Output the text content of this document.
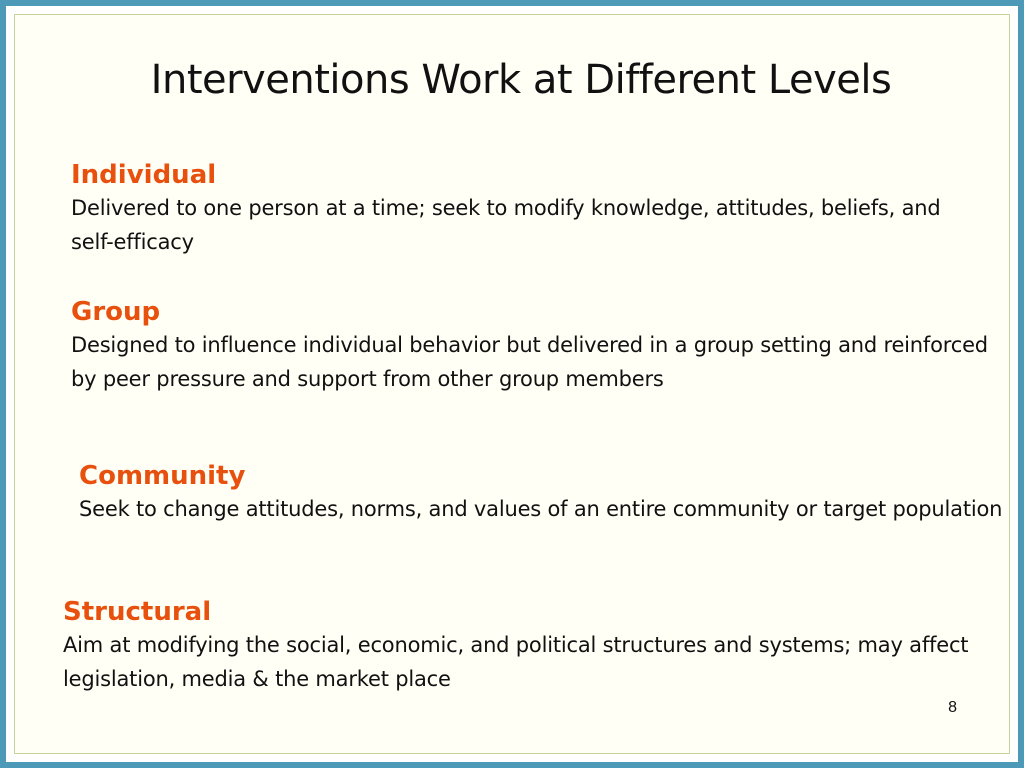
Interventions Work at Different Levels
Individual
Delivered to one person at a time; seek to modify knowledge, attitudes, beliefs, and self-efficacy
Group
Designed to influence individual behavior but delivered in a group setting and reinforced by peer pressure and support from other group members
Community
Seek to change attitudes, norms, and values of an entire community or target population
Structural
Aim at modifying the social, economic, and political structures and systems; may affect legislation, media & the market place
8
